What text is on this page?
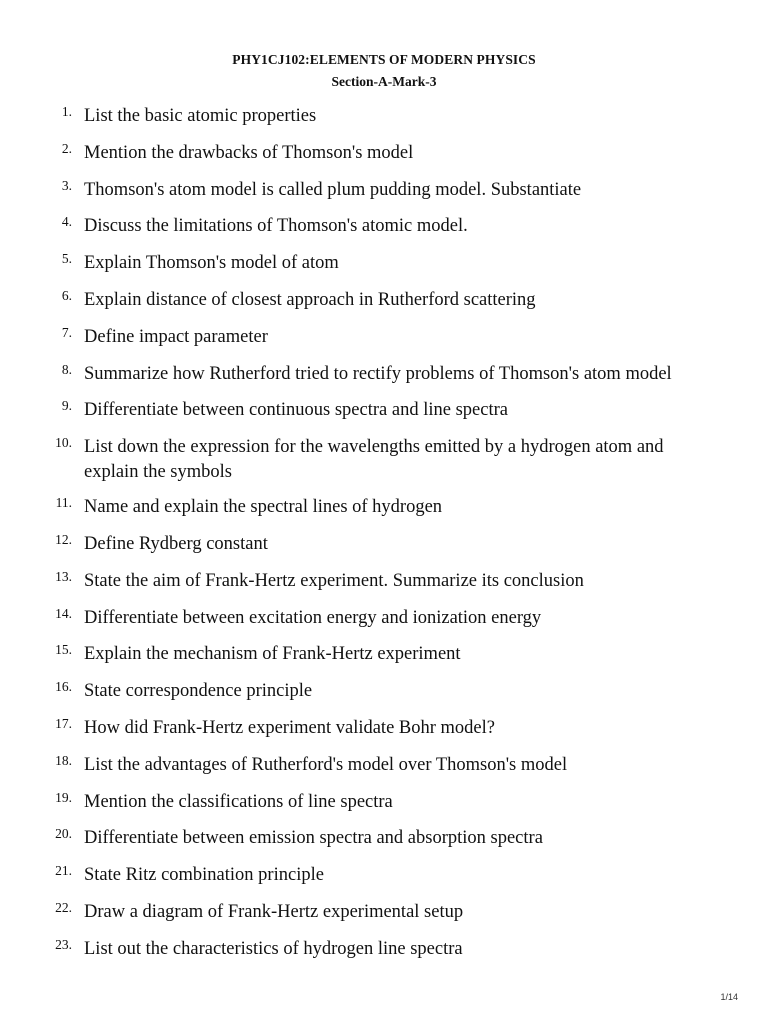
PHY1CJ102:ELEMENTS OF MODERN PHYSICS
Section-A-Mark-3
1. List the basic atomic properties
2. Mention the drawbacks of Thomson's model
3. Thomson's atom model is called plum pudding model. Substantiate
4. Discuss the limitations of Thomson's atomic model.
5. Explain Thomson's model of atom
6. Explain distance of closest approach in Rutherford scattering
7. Define impact parameter
8. Summarize how Rutherford tried to rectify problems of Thomson's atom model
9. Differentiate between continuous spectra and line spectra
10. List down the expression for the wavelengths emitted by a hydrogen atom and explain the symbols
11. Name and explain the spectral lines of hydrogen
12. Define Rydberg constant
13. State the aim of Frank-Hertz experiment. Summarize its conclusion
14. Differentiate between excitation energy and ionization energy
15. Explain the mechanism of Frank-Hertz experiment
16. State correspondence principle
17. How did Frank-Hertz experiment validate Bohr model?
18. List the advantages of Rutherford's model over Thomson's model
19. Mention the classifications of line spectra
20. Differentiate between emission spectra and absorption spectra
21. State Ritz combination principle
22. Draw a diagram of Frank-Hertz experimental setup
23. List out the characteristics of hydrogen line spectra
1/14
